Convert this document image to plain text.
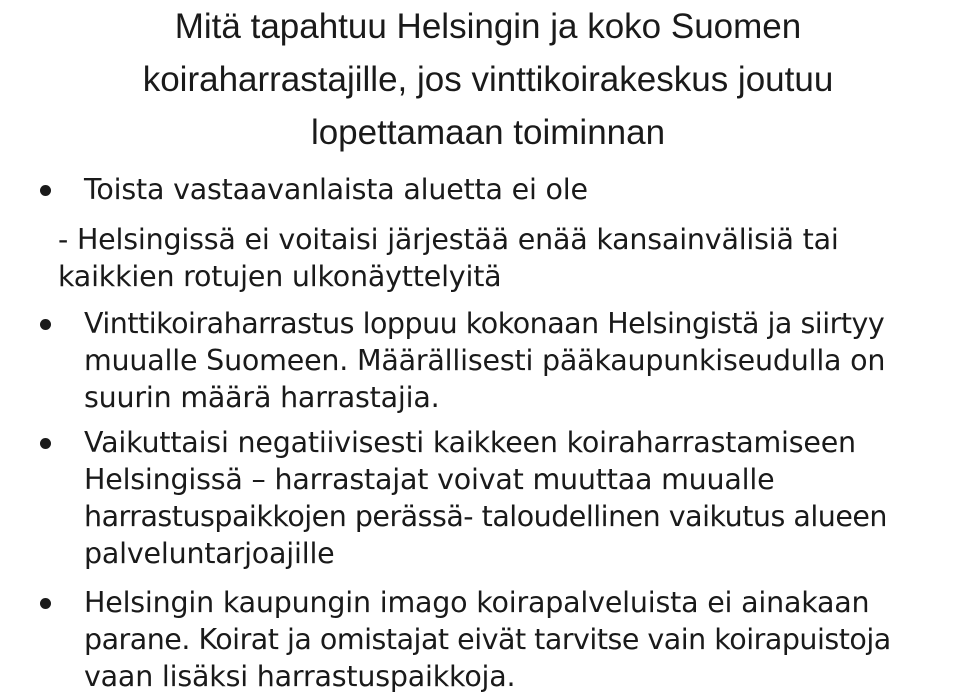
Mitä tapahtuu Helsingin ja koko Suomen
koiraharrastajille, jos vinttikoirakeskus joutuu
lopettamaan toiminnan
Toista vastaavanlaista aluetta ei ole
- Helsingissä ei voitaisi järjestää enää kansainvälisiä tai
kaikkien rotujen ulkonäyttelyitä
Vinttikoiraharrastus loppuu kokonaan Helsingistä ja siirtyy
muualle Suomeen. Määrällisesti pääkaupunkiseudulla on
suurin määrä harrastajia.
Vaikuttaisi negatiivisesti kaikkeen koiraharrastamiseen
Helsingissä – harrastajat voivat muuttaa muualle
harrastuspaikkojen perässä- taloudellinen vaikutus alueen
palveluntarjoajille
Helsingin kaupungin imago koirapalveluista ei ainakaan
parane. Koirat ja omistajat eivät tarvitse vain koirapuistoja
vaan lisäksi harrastuspaikkoja.
